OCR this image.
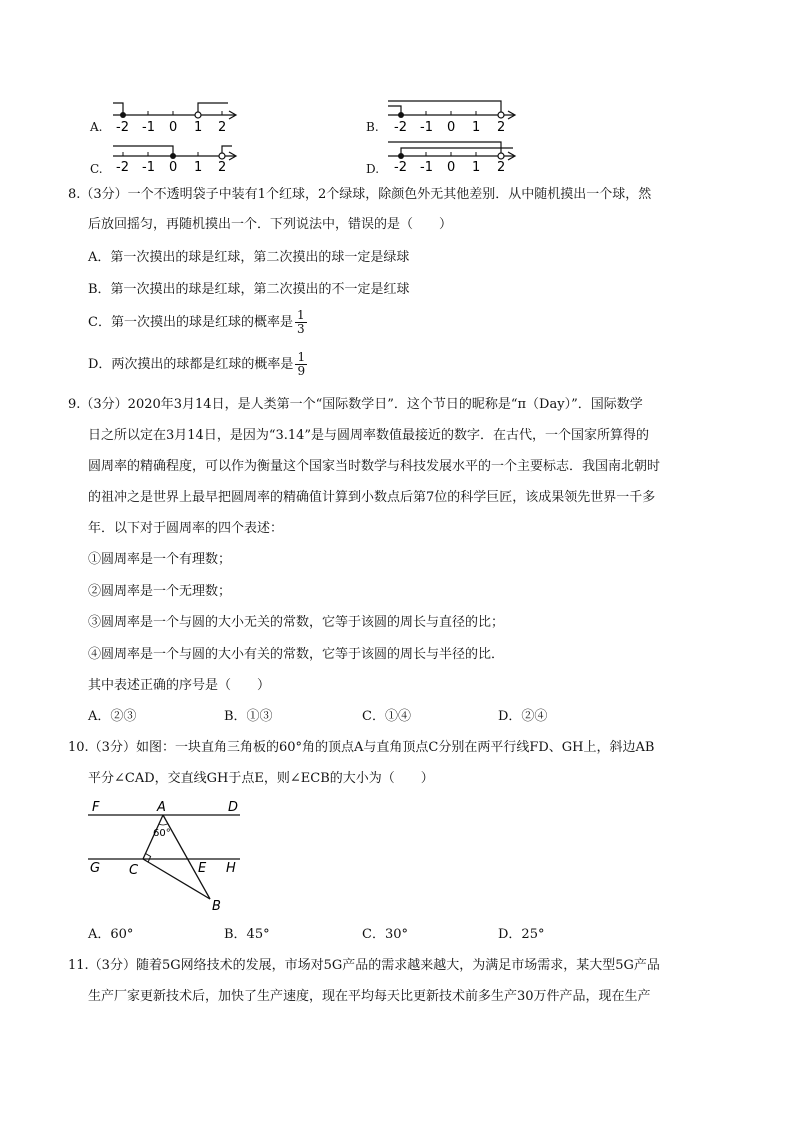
A. -2 -1 0 1 2	B. -2 -1 0 1 2
C. -2 -1 0 1 2	D. -2 -1 0 1 2
8.（3分）一个不透明袋子中装有1个红球，2个绿球，除颜色外无其他差别．从中随机摸出一个球，然
后放回摇匀，再随机摸出一个．下列说法中，错误的是（　　）
A．第一次摸出的球是红球，第二次摸出的球一定是绿球
B．第一次摸出的球是红球，第二次摸出的不一定是红球
C．第一次摸出的球是红球的概率是 $\frac{1}{3}$
D．两次摸出的球都是红球的概率是 $\frac{1}{9}$
9.（3分）2020年3月14日，是人类第一个“国际数学日”．这个节日的昵称是“π（Day）”．国际数学
日之所以定在3月14日，是因为“3.14”是与圆周率数值最接近的数字．在古代，一个国家所算得的
圆周率的精确程度，可以作为衡量这个国家当时数学与科技发展水平的一个主要标志．我国南北朝时
的祖冲之是世界上最早把圆周率的精确值计算到小数点后第7位的科学巨匠，该成果领先世界一千多
年．以下对于圆周率的四个表述：
①圆周率是一个有理数；
②圆周率是一个无理数；
③圆周率是一个与圆的大小无关的常数，它等于该圆的周长与直径的比；
④圆周率是一个与圆的大小有关的常数，它等于该圆的周长与半径的比．
其中表述正确的序号是（　　）
A．②③	B．①③	C．①④	D．②④
10.（3分）如图：一块直角三角板的60°角的顶点A与直角顶点C分别在两平行线FD、GH上，斜边AB
平分∠CAD，交直线GH于点E，则∠ECB的大小为（　　）
F	A	D
G C	E H
B
60°
A．60°	B．45°	C．30°	D．25°
11.（3分）随着5G网络技术的发展，市场对5G产品的需求越来越大，为满足市场需求，某大型5G产品
生产厂家更新技术后，加快了生产速度，现在平均每天比更新技术前多生产30万件产品，现在生产
